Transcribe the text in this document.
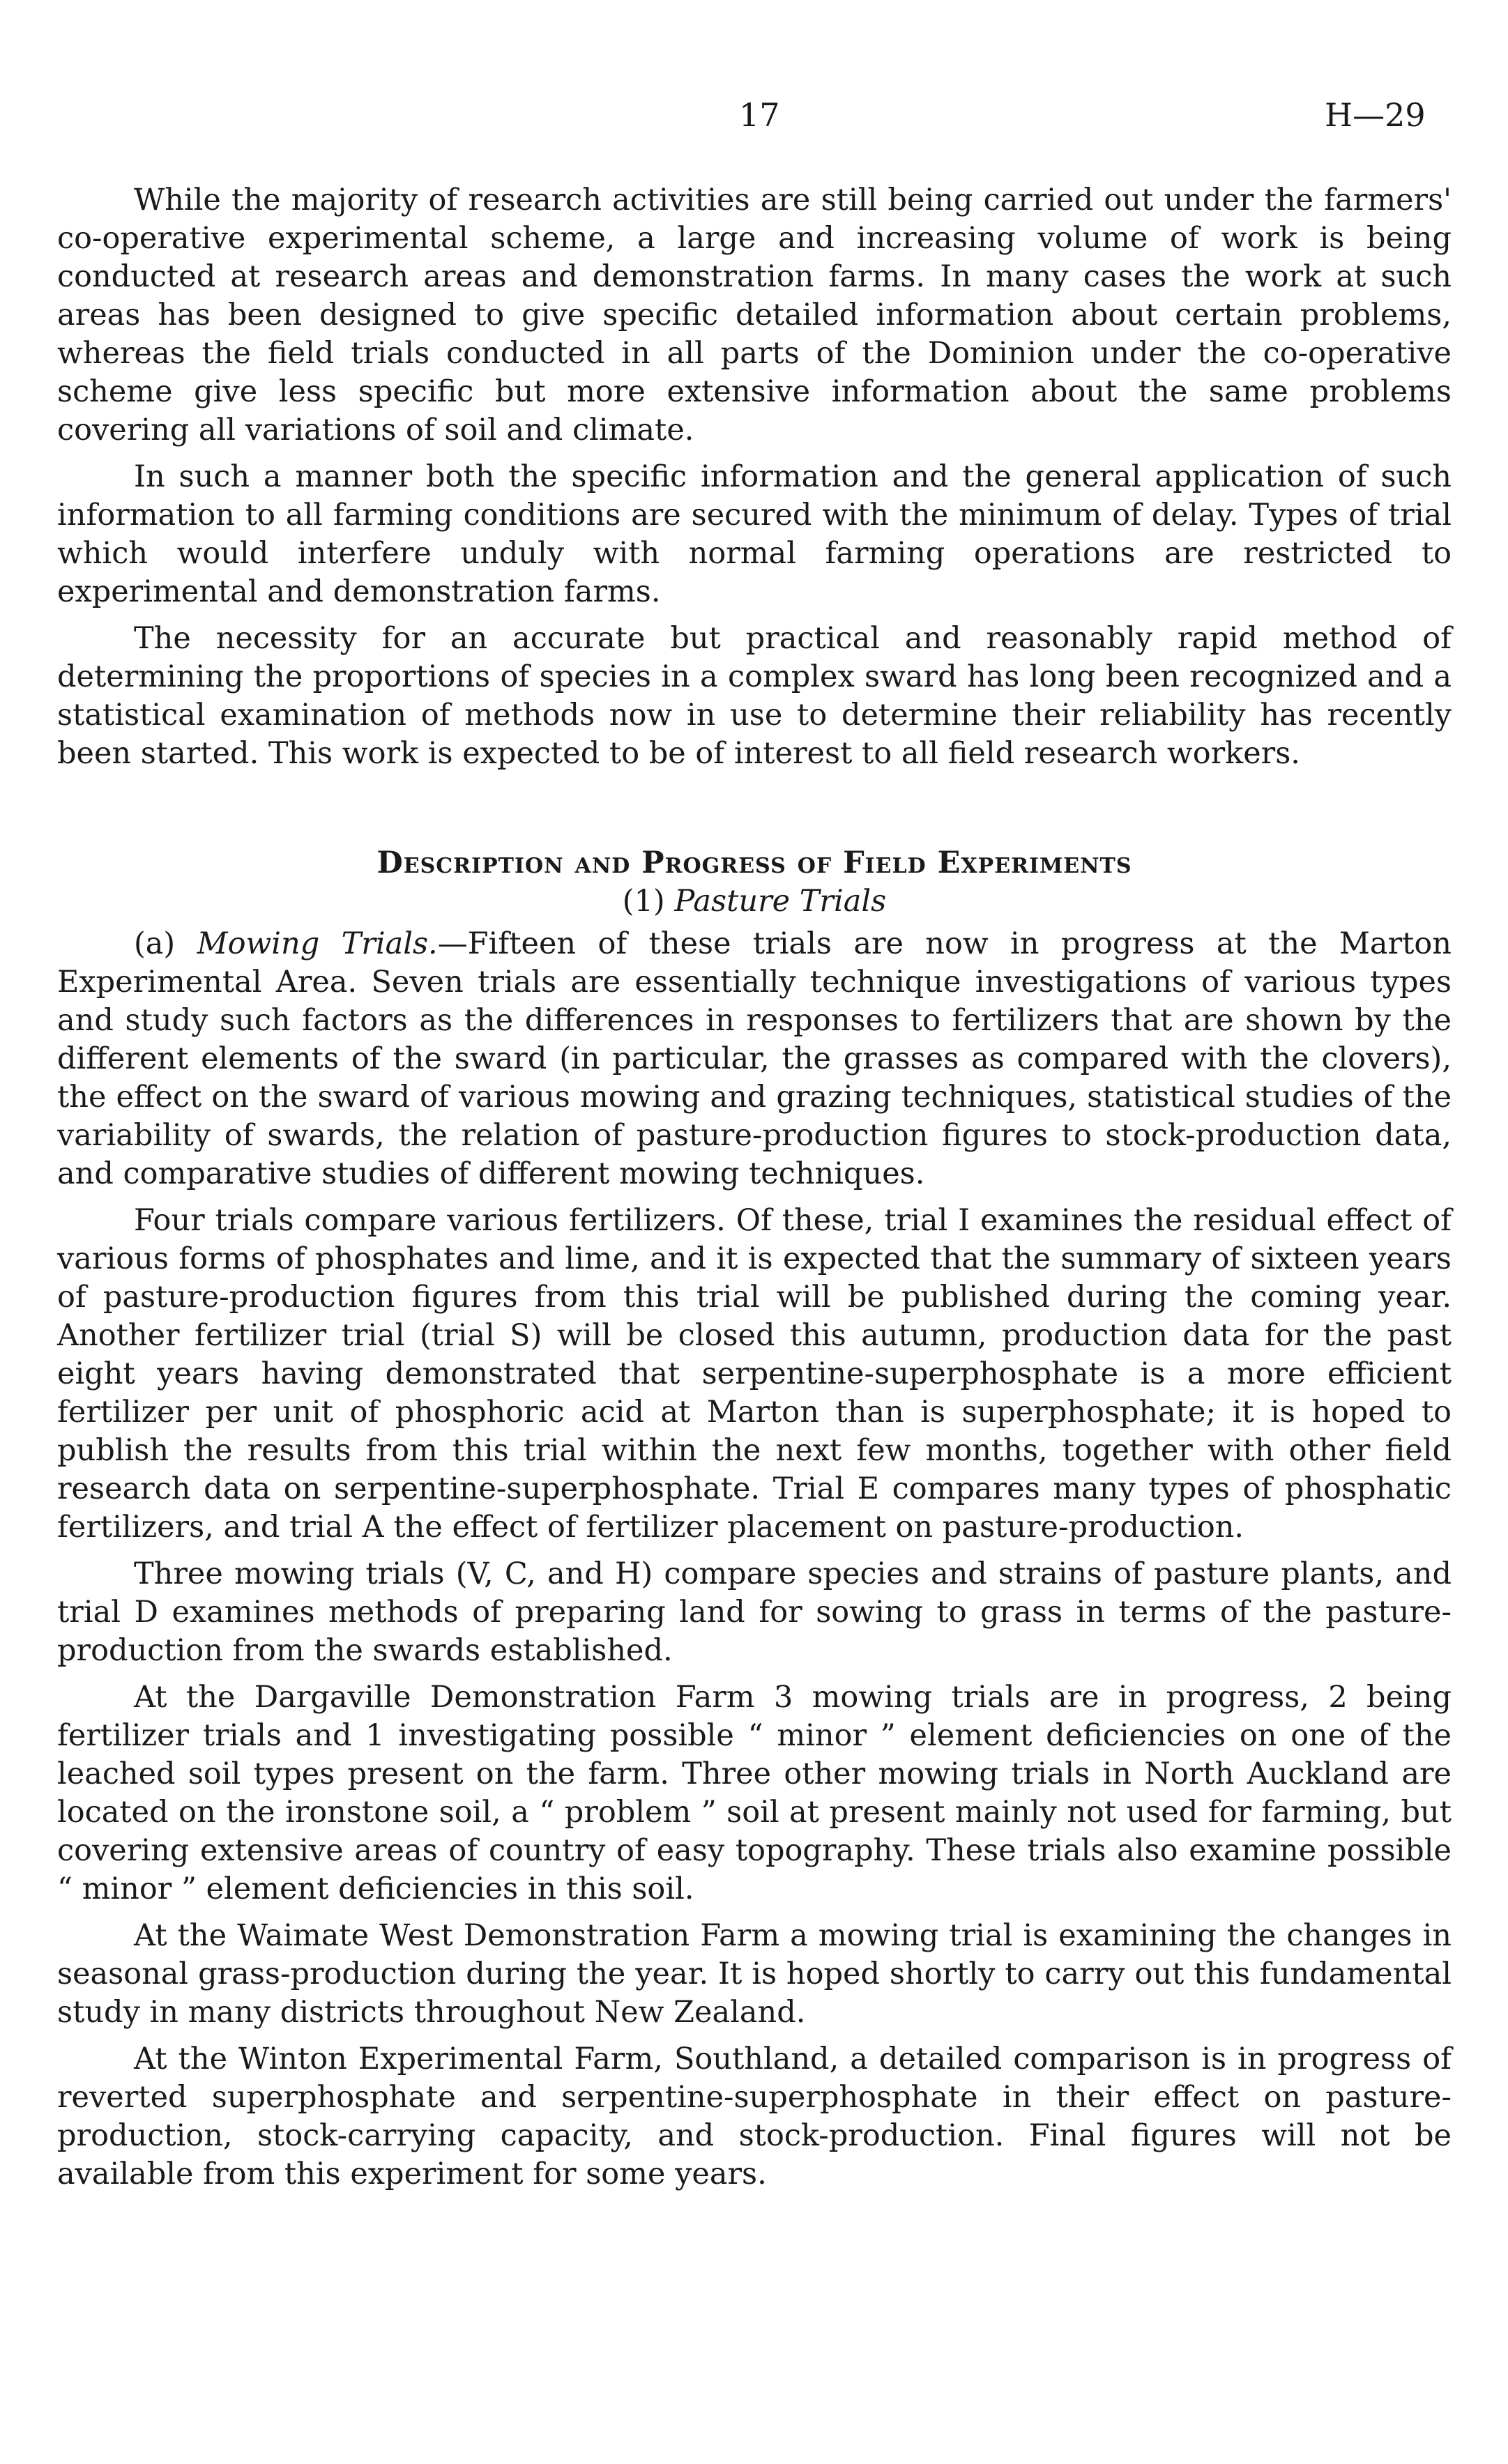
17	H—29

While the majority of research activities are still being carried out under the farmers' co-operative experimental scheme, a large and increasing volume of work is being conducted at research areas and demonstration farms. In many cases the work at such areas has been designed to give specific detailed information about certain problems, whereas the field trials conducted in all parts of the Dominion under the co-operative scheme give less specific but more extensive information about the same problems covering all variations of soil and climate.

In such a manner both the specific information and the general application of such information to all farming conditions are secured with the minimum of delay. Types of trial which would interfere unduly with normal farming operations are restricted to experimental and demonstration farms.

The necessity for an accurate but practical and reasonably rapid method of determining the proportions of species in a complex sward has long been recognized and a statistical examination of methods now in use to determine their reliability has recently been started. This work is expected to be of interest to all field research workers.

Description and Progress of Field Experiments
(1) Pasture Trials

(a) Mowing Trials.—Fifteen of these trials are now in progress at the Marton Experimental Area. Seven trials are essentially technique investigations of various types and study such factors as the differences in responses to fertilizers that are shown by the different elements of the sward (in particular, the grasses as compared with the clovers), the effect on the sward of various mowing and grazing techniques, statistical studies of the variability of swards, the relation of pasture-production figures to stock-production data, and comparative studies of different mowing techniques.

Four trials compare various fertilizers. Of these, trial I examines the residual effect of various forms of phosphates and lime, and it is expected that the summary of sixteen years of pasture-production figures from this trial will be published during the coming year. Another fertilizer trial (trial S) will be closed this autumn, production data for the past eight years having demonstrated that serpentine-superphosphate is a more efficient fertilizer per unit of phosphoric acid at Marton than is superphosphate; it is hoped to publish the results from this trial within the next few months, together with other field research data on serpentine-superphosphate. Trial E compares many types of phosphatic fertilizers, and trial A the effect of fertilizer placement on pasture-production.

Three mowing trials (V, C, and H) compare species and strains of pasture plants, and trial D examines methods of preparing land for sowing to grass in terms of the pasture-production from the swards established.

At the Dargaville Demonstration Farm 3 mowing trials are in progress, 2 being fertilizer trials and 1 investigating possible “ minor ” element deficiencies on one of the leached soil types present on the farm. Three other mowing trials in North Auckland are located on the ironstone soil, a “ problem ” soil at present mainly not used for farming, but covering extensive areas of country of easy topography. These trials also examine possible “ minor ” element deficiencies in this soil.

At the Waimate West Demonstration Farm a mowing trial is examining the changes in seasonal grass-production during the year. It is hoped shortly to carry out this fundamental study in many districts throughout New Zealand.

At the Winton Experimental Farm, Southland, a detailed comparison is in progress of reverted superphosphate and serpentine-superphosphate in their effect on pasture-production, stock-carrying capacity, and stock-production. Final figures will not be available from this experiment for some years.
